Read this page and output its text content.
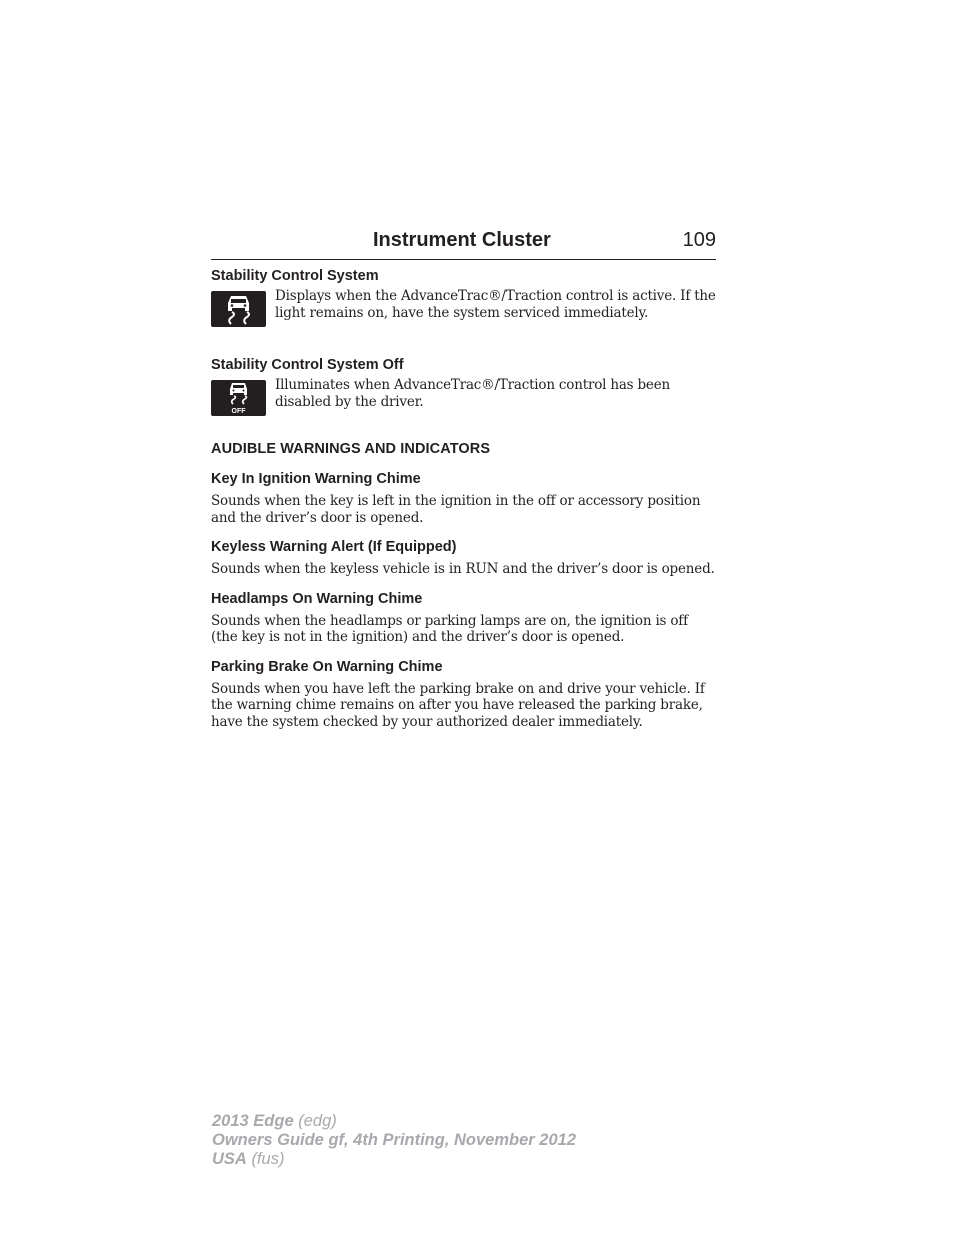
Instrument Cluster	109

Stability Control System

Displays when the AdvanceTrac®/Traction control is active. If the light remains on, have the system serviced immediately.

Stability Control System Off

OFF

Illuminates when AdvanceTrac®/Traction control has been disabled by the driver.

AUDIBLE WARNINGS AND INDICATORS

Key In Ignition Warning Chime

Sounds when the key is left in the ignition in the off or accessory position and the driver’s door is opened.

Keyless Warning Alert (If Equipped)

Sounds when the keyless vehicle is in RUN and the driver’s door is opened.

Headlamps On Warning Chime

Sounds when the headlamps or parking lamps are on, the ignition is off (the key is not in the ignition) and the driver’s door is opened.

Parking Brake On Warning Chime

Sounds when you have left the parking brake on and drive your vehicle. If the warning chime remains on after you have released the parking brake, have the system checked by your authorized dealer immediately.

2013 Edge (edg)
Owners Guide gf, 4th Printing, November 2012
USA (fus)
